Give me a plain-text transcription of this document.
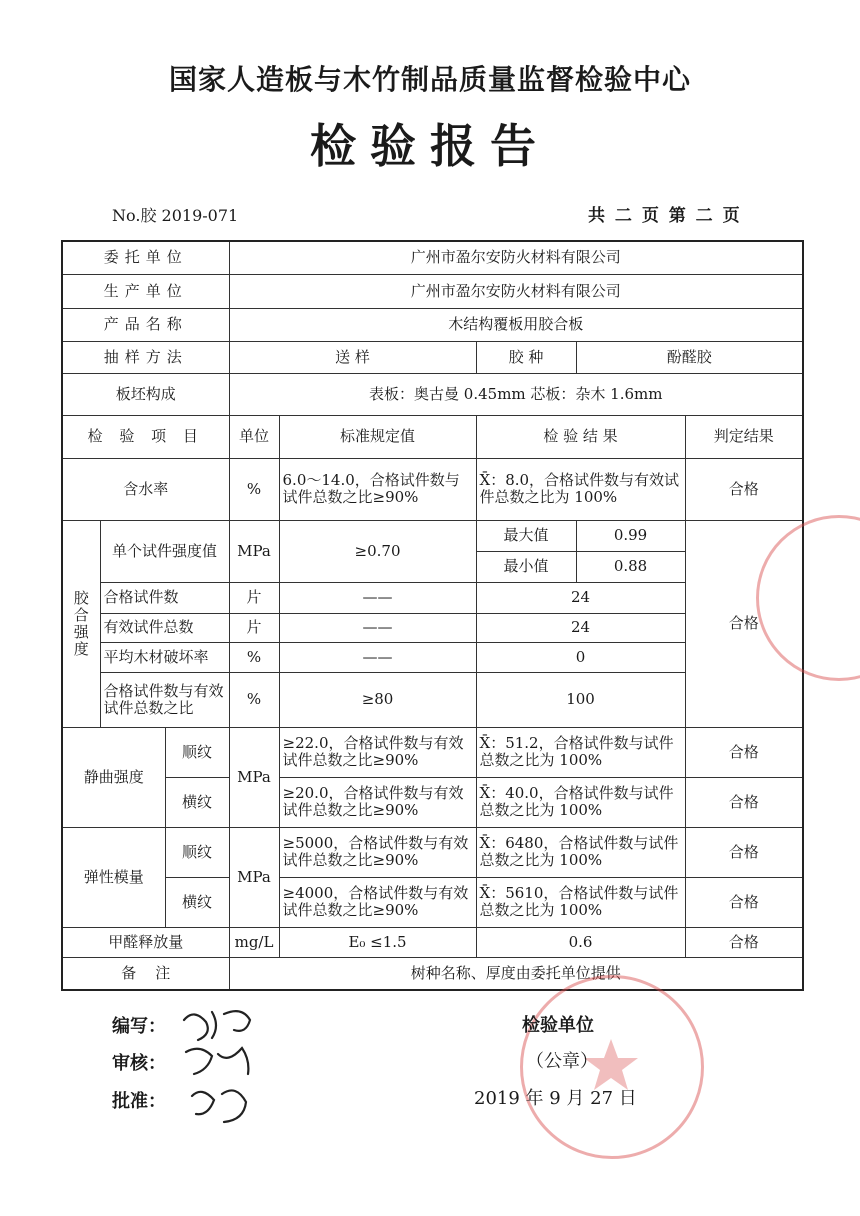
国家人造板与木竹制品质量监督检验中心
检验报告
No.胶 2019-071	共 二 页 第 二 页
委托单位			广州市盈尔安防火材料有限公司				
生产单位			广州市盈尔安防火材料有限公司				
产品名称			木结构覆板用胶合板				
抽样方法			送 样		胶 种	酚醛胶	
板坯构成			表板：奥古曼 0.45mm 芯板：杂木 1.6mm				
检 验 项 目			单位	标准规定值	检 验 结 果		判定结果
含水率			%	6.0～14.0，合格试件数与试件总数之比≥90%	X̄：8.0，合格试件数与有效试件总数之比为 100%		合格
胶
合
强
度	单个试件强度值		MPa	≥0.70	最大值	0.99	合格
					最小值	0.88	
	合格试件数		片	——	24		
	有效试件总数		片	——	24		
	平均木材破坏率		%	——	0		
	合格试件数与有效试件总数之比		%	≥80	100		

静曲强度		顺纹	MPa	≥22.0，合格试件数与有效试件总数之比≥90%	X̄：51.2，合格试件数与试件总数之比为 100%		合格
		横纹		≥20.0，合格试件数与有效试件总数之比≥90%	X̄：40.0，合格试件数与试件总数之比为 100%		合格
弹性模量		顺纹	MPa	≥5000，合格试件数与有效试件总数之比≥90%	X̄：6480，合格试件数与试件总数之比为 100%		合格
		横纹		≥4000，合格试件数与有效试件总数之比≥90%	X̄：5610，合格试件数与试件总数之比为 100%		合格
甲醛释放量			mg/L	E₀ ≤1.5	0.6		合格
备    注			树种名称、厚度由委托单位提供				
编写：
审核：
批准：
检验单位
（公章）
2019 年 9 月 27 日
